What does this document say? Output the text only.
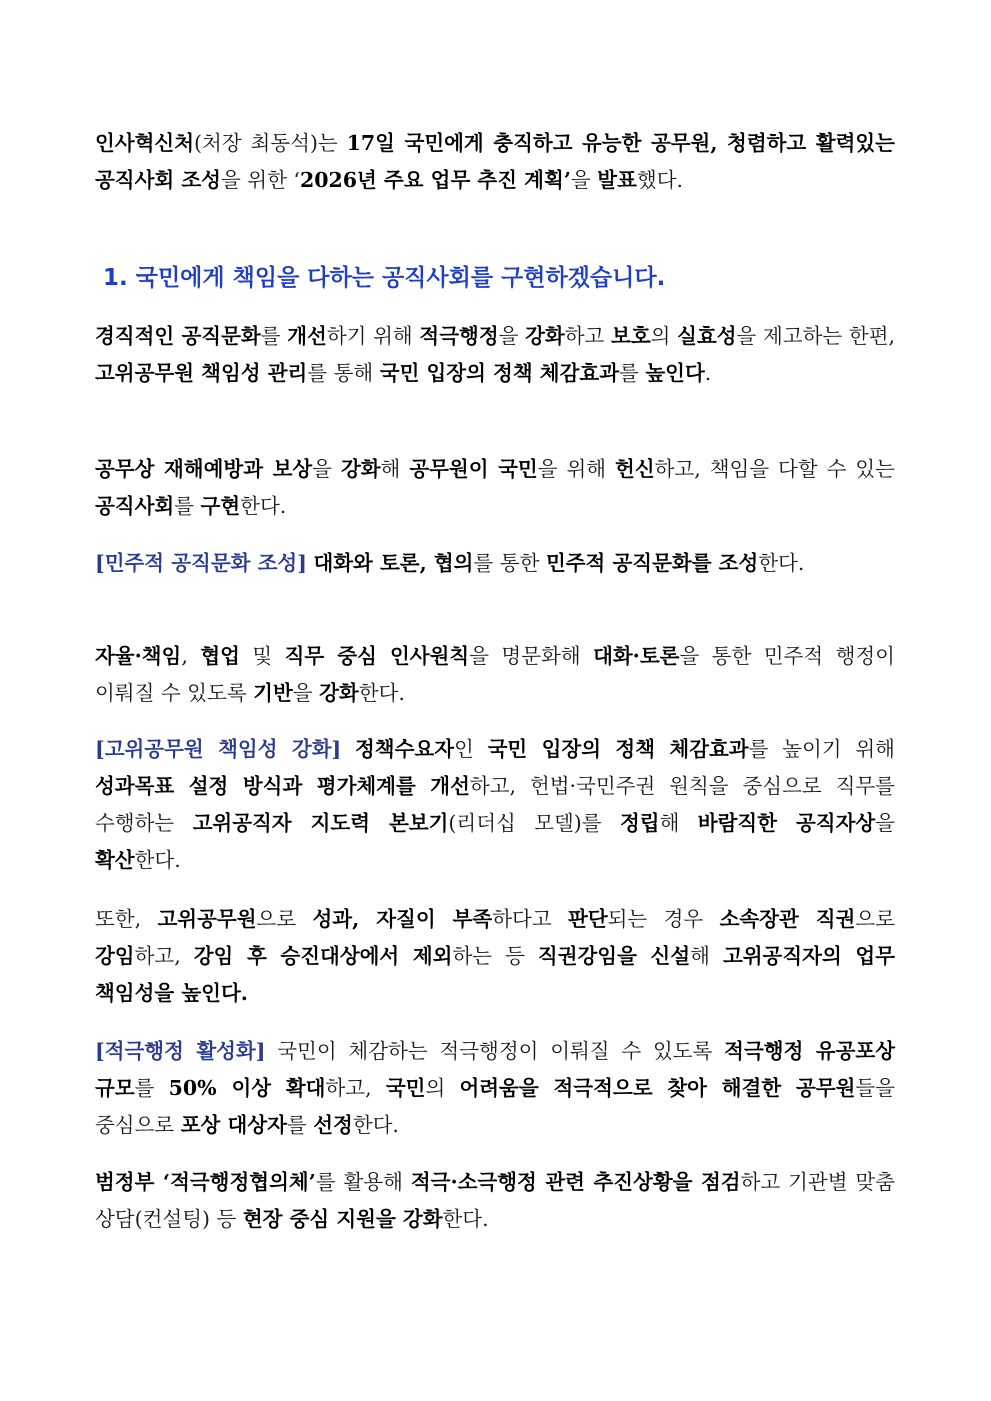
인사혁신처(처장 최동석)는 17일 국민에게 충직하고 유능한 공무원, 청렴하고 활력있는 공직사회 조성을 위한 ‘2026년 주요 업무 추진 계획’을 발표했다.

1. 국민에게 책임을 다하는 공직사회를 구현하겠습니다.

경직적인 공직문화를 개선하기 위해 적극행정을 강화하고 보호의 실효성을 제고하는 한편, 고위공무원 책임성 관리를 통해 국민 입장의 정책 체감효과를 높인다.

공무상 재해예방과 보상을 강화해 공무원이 국민을 위해 헌신하고, 책임을 다할 수 있는 공직사회를 구현한다.

[민주적 공직문화 조성] 대화와 토론, 협의를 통한 민주적 공직문화를 조성한다.

자율·책임, 협업 및 직무 중심 인사원칙을 명문화해 대화·토론을 통한 민주적 행정이 이뤄질 수 있도록 기반을 강화한다.

[고위공무원 책임성 강화] 정책수요자인 국민 입장의 정책 체감효과를 높이기 위해 성과목표 설정 방식과 평가체계를 개선하고, 헌법·국민주권 원칙을 중심으로 직무를 수행하는 고위공직자 지도력 본보기(리더십 모델)를 정립해 바람직한 공직자상을 확산한다.

또한, 고위공무원으로 성과, 자질이 부족하다고 판단되는 경우 소속장관 직권으로 강임하고, 강임 후 승진대상에서 제외하는 등 직권강임을 신설해 고위공직자의 업무 책임성을 높인다.

[적극행정 활성화] 국민이 체감하는 적극행정이 이뤄질 수 있도록 적극행정 유공포상 규모를 50% 이상 확대하고, 국민의 어려움을 적극적으로 찾아 해결한 공무원들을 중심으로 포상 대상자를 선정한다.

범정부 ‘적극행정협의체’를 활용해 적극·소극행정 관련 추진상황을 점검하고 기관별 맞춤 상담(컨설팅) 등 현장 중심 지원을 강화한다.
